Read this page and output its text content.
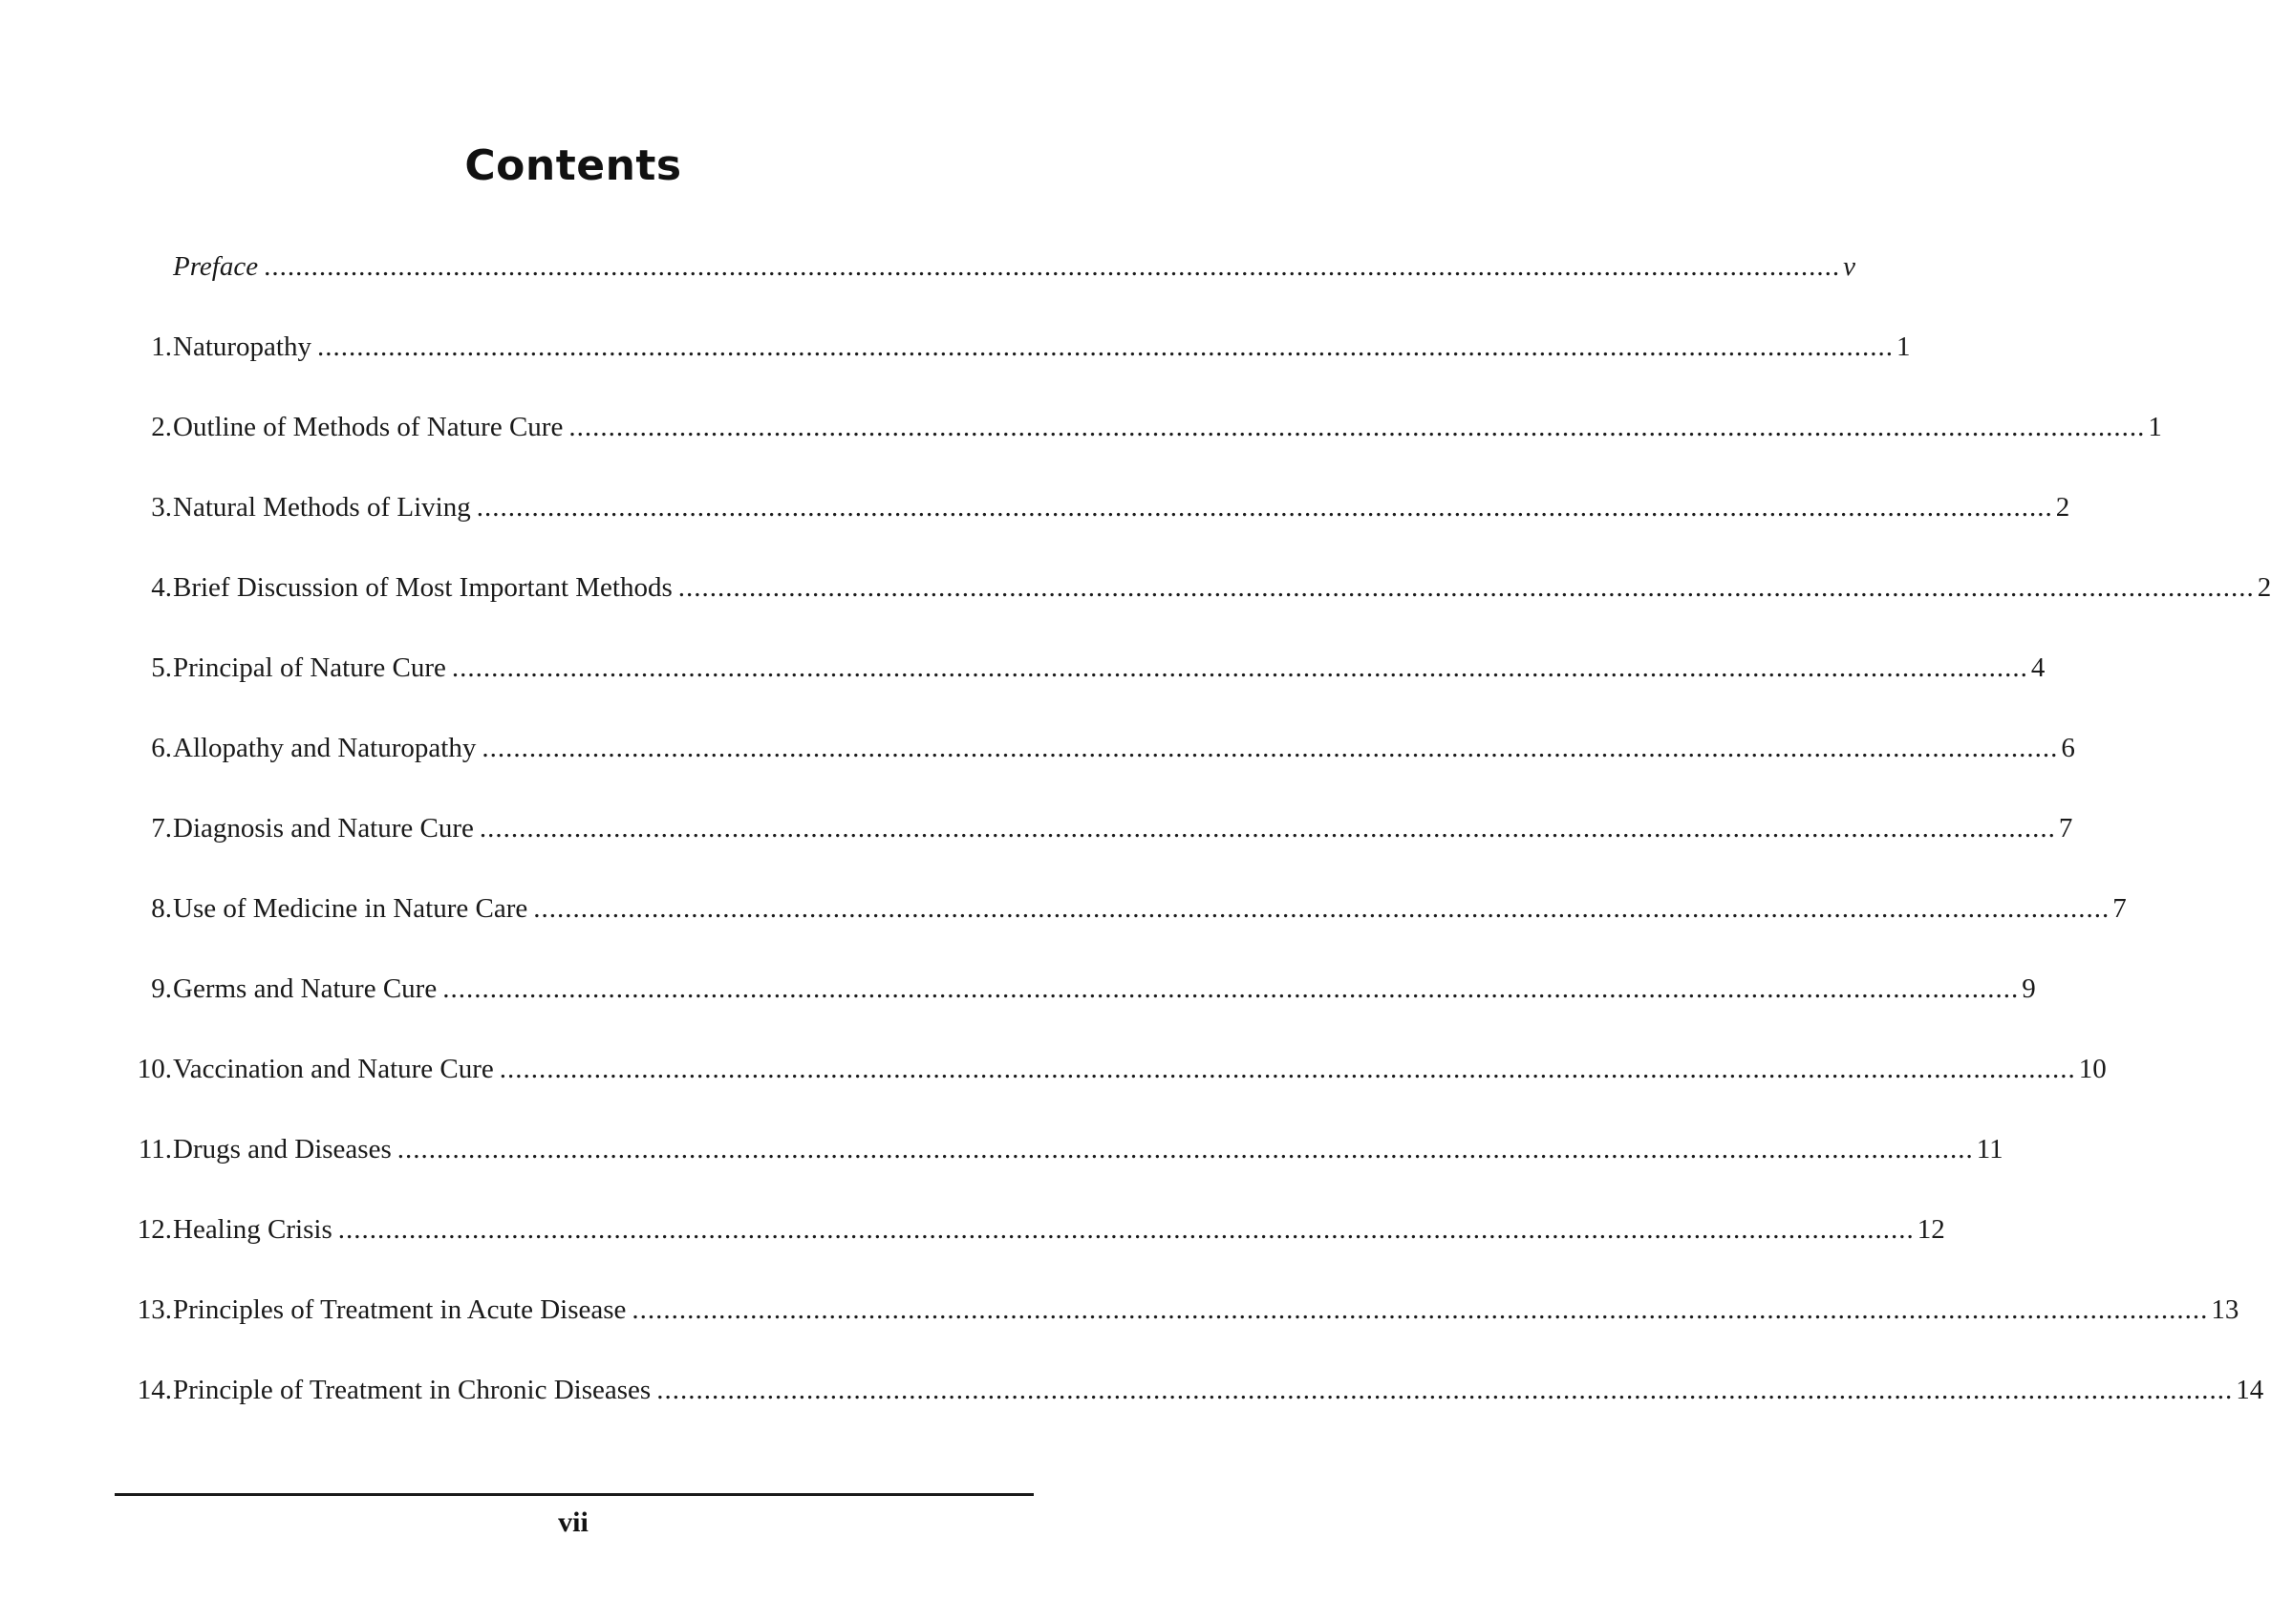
Contents
Preface ........................................................................................................................................................................................................ v
1. Naturopathy ........................................................................................................................................................................................................ 1
2. Outline of Methods of Nature Cure ........................................................................................................................................................................................................ 1
3. Natural Methods of Living ........................................................................................................................................................................................................ 2
4. Brief Discussion of Most Important Methods ........................................................................................................................................................................................................ 2
5. Principal of Nature Cure ........................................................................................................................................................................................................ 4
6. Allopathy and Naturopathy ........................................................................................................................................................................................................ 6
7. Diagnosis and Nature Cure ........................................................................................................................................................................................................ 7
8. Use of Medicine in Nature Care ........................................................................................................................................................................................................ 7
9. Germs and Nature Cure ........................................................................................................................................................................................................ 9
10. Vaccination and Nature Cure ........................................................................................................................................................................................................ 10
11. Drugs and Diseases ........................................................................................................................................................................................................ 11
12. Healing Crisis ........................................................................................................................................................................................................ 12
13. Principles of Treatment in Acute Disease ........................................................................................................................................................................................................ 13
14. Principle of Treatment in Chronic Diseases ........................................................................................................................................................................................................ 14
vii
